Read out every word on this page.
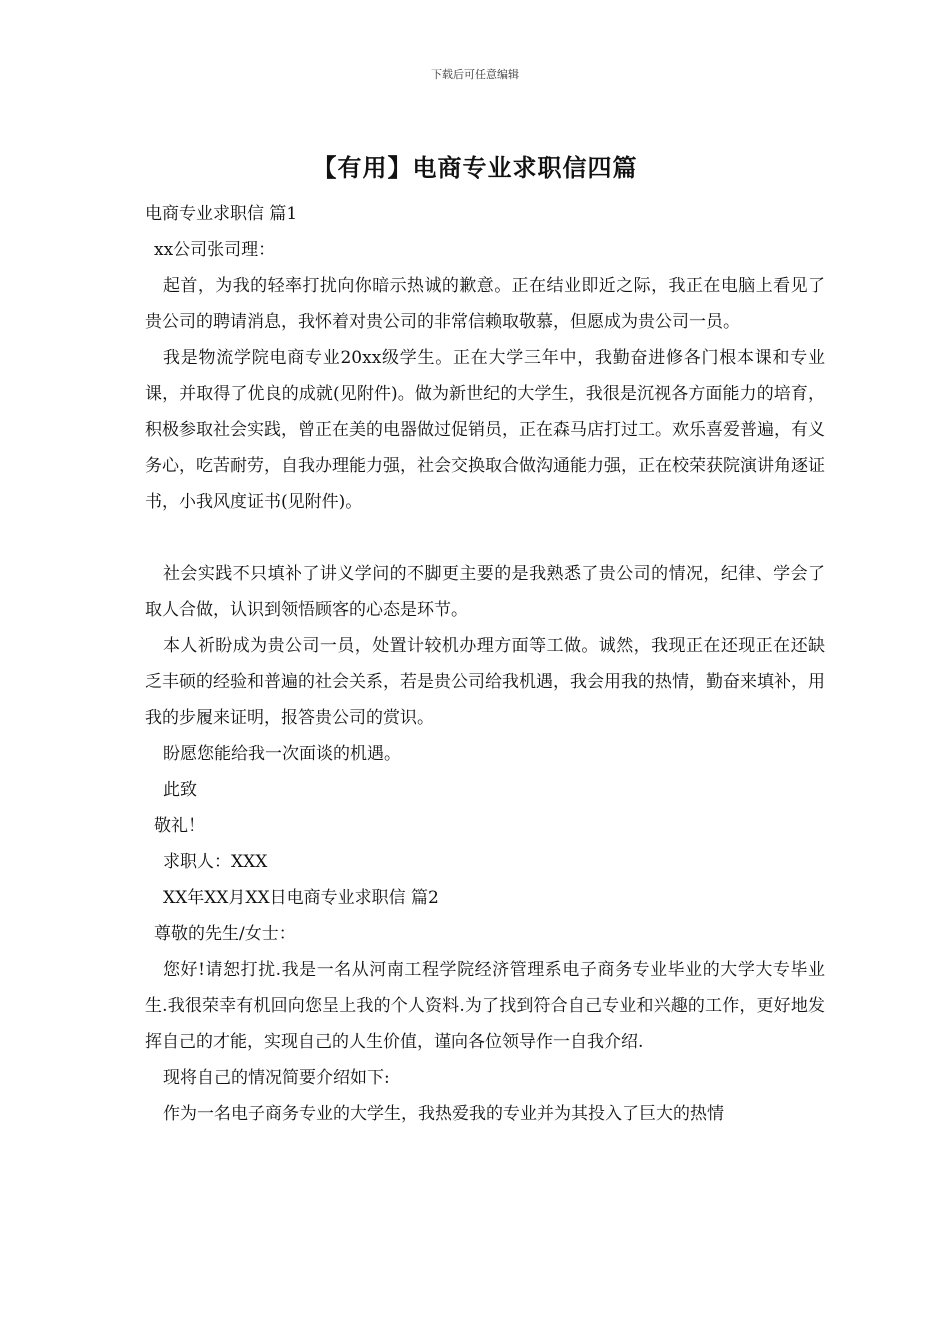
下载后可任意编辑
【有用】电商专业求职信四篇

电商专业求职信 篇1

xx公司张司理：

起首，为我的轻率打扰向你暗示热诚的歉意。正在结业即近之际，我正在电脑上看见了贵公司的聘请消息，我怀着对贵公司的非常信赖取敬慕，但愿成为贵公司一员。

我是物流学院电商专业20xx级学生。正在大学三年中，我勤奋进修各门根本课和专业课，并取得了优良的成就(见附件)。做为新世纪的大学生，我很是沉视各方面能力的培育，积极参取社会实践，曾正在美的电器做过促销员，正在森马店打过工。欢乐喜爱普遍，有义务心，吃苦耐劳，自我办理能力强，社会交换取合做沟通能力强，正在校荣获院演讲角逐证书，小我风度证书(见附件)。

社会实践不只填补了讲义学问的不脚更主要的是我熟悉了贵公司的情况，纪律、学会了取人合做，认识到领悟顾客的心态是环节。

本人祈盼成为贵公司一员，处置计较机办理方面等工做。诚然，我现正在还现正在还缺乏丰硕的经验和普遍的社会关系，若是贵公司给我机遇，我会用我的热情，勤奋来填补，用我的步履来证明，报答贵公司的赏识。

盼愿您能给我一次面谈的机遇。

此致

敬礼！

求职人：XXX

XX年XX月XX日电商专业求职信 篇2

尊敬的先生/女士：

您好!请恕打扰.我是一名从河南工程学院经济管理系电子商务专业毕业的大学大专毕业生.我很荣幸有机回向您呈上我的个人资料.为了找到符合自己专业和兴趣的工作，更好地发挥自己的才能，实现自己的人生价值，谨向各位领导作一自我介绍.

现将自己的情况简要介绍如下:

作为一名电子商务专业的大学生，我热爱我的专业并为其投入了巨大的热情
